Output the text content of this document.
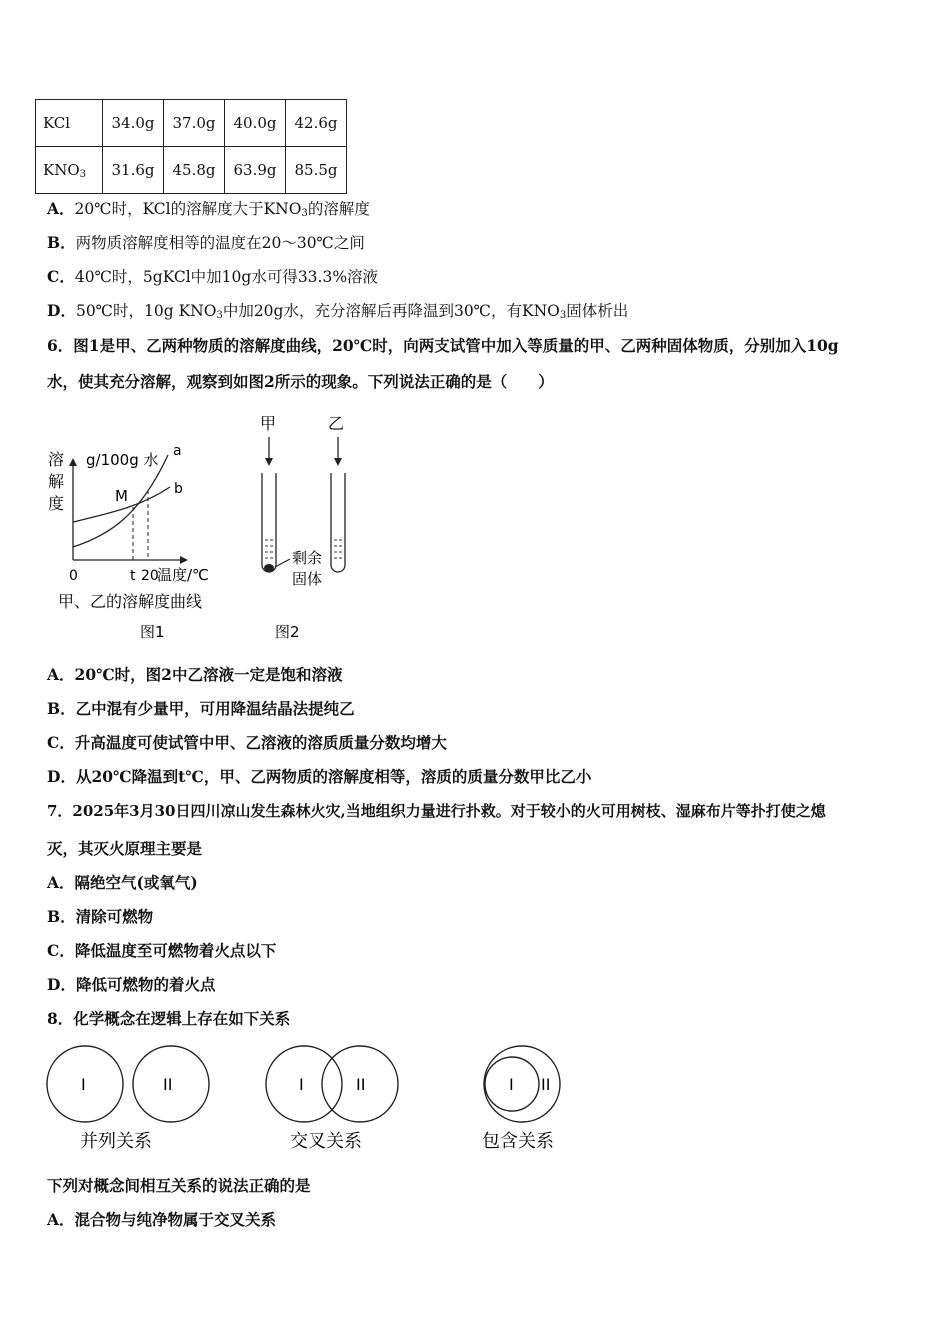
KCl	34.0g	37.0g	40.0g	42.6g
$KNO_3$	31.6g	45.8g	63.9g	85.5g
A．20℃时，KCl的溶解度大于$KNO_3$的溶解度
B．两物质溶解度相等的温度在20～30℃之间
C．40℃时，5gKCl中加10g水可得33.3%溶液
D．50℃时，10g $KNO_3$中加20g水，充分溶解后再降温到30℃，有$KNO_3$固体析出
6．图1是甲、乙两种物质的溶解度曲线，20℃时，向两支试管中加入等质量的甲、乙两种固体物质，分别加入10g
水，使其充分溶解，观察到如图2所示的现象。下列说法正确的是（　　）
溶
解
度
g/100g 水 a
b
M
0	t 20
温度/℃
甲、乙的溶解度曲线
图1
甲	乙
剩余
固体
图2
A．20℃时，图2中乙溶液一定是饱和溶液
B．乙中混有少量甲，可用降温结晶法提纯乙
C．升高温度可使试管中甲、乙溶液的溶质质量分数均增大
D．从20℃降温到t℃，甲、乙两物质的溶解度相等，溶质的质量分数甲比乙小
7．2025年3月30日四川凉山发生森林火灾,当地组织力量进行扑救。对于较小的火可用树枝、湿麻布片等扑打使之熄
灭，其灭火原理主要是
A．隔绝空气(或氧气)
B．清除可燃物
C．降低温度至可燃物着火点以下
D．降低可燃物的着火点
8．化学概念在逻辑上存在如下关系
I	II
并列关系
I	II
交叉关系
I II
包含关系
下列对概念间相互关系的说法正确的是
A．混合物与纯净物属于交叉关系
